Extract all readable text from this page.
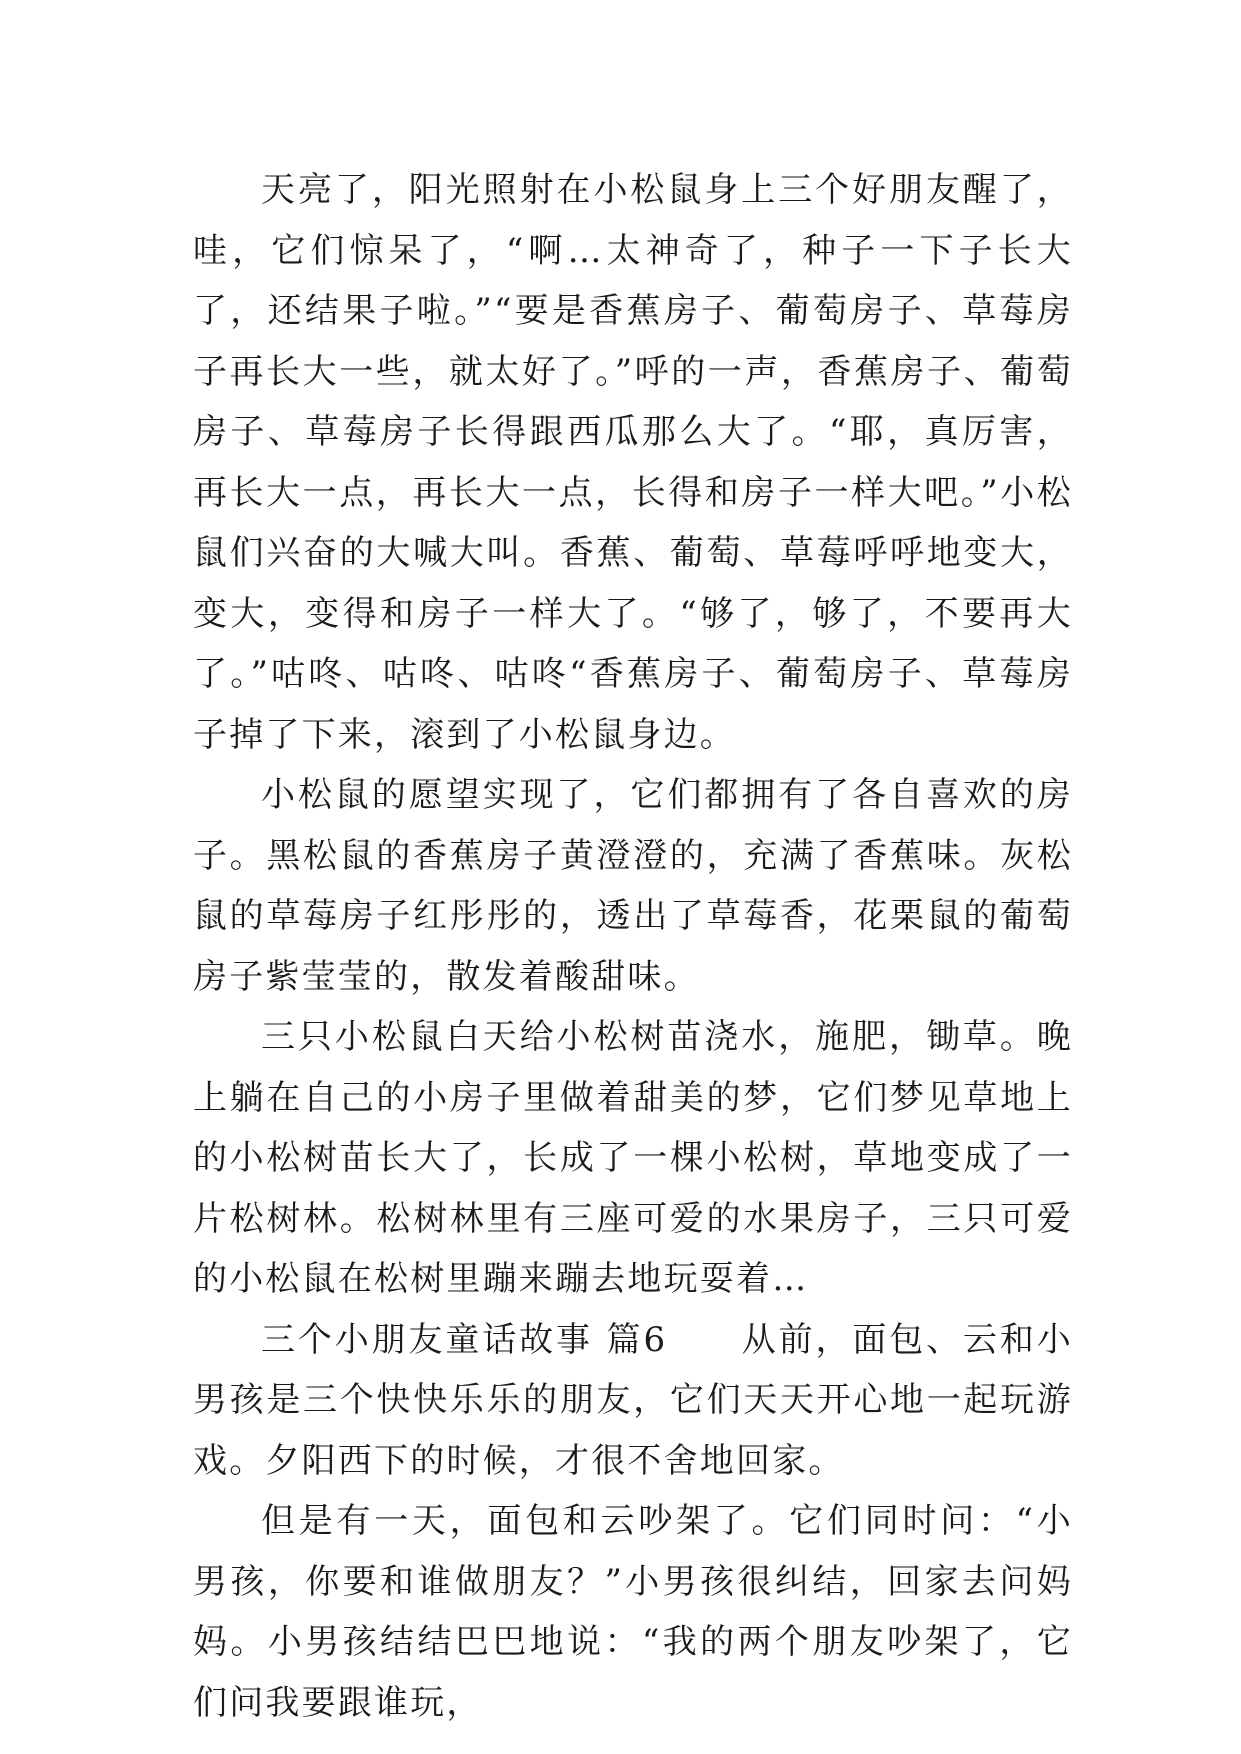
天亮了，阳光照射在小松鼠身上三个好朋友醒了，哇，它们惊呆了，“啊…太神奇了，种子一下子长大了，还结果子啦。”“要是香蕉房子、葡萄房子、草莓房子再长大一些，就太好了。”呼的一声，香蕉房子、葡萄房子、草莓房子长得跟西瓜那么大了。“耶，真厉害，再长大一点，再长大一点，长得和房子一样大吧。”小松鼠们兴奋的大喊大叫。香蕉、葡萄、草莓呼呼地变大，变大，变得和房子一样大了。“够了，够了，不要再大了。”咕咚、咕咚、咕咚“香蕉房子、葡萄房子、草莓房子掉了下来，滚到了小松鼠身边。

小松鼠的愿望实现了，它们都拥有了各自喜欢的房子。黑松鼠的香蕉房子黄澄澄的，充满了香蕉味。灰松鼠的草莓房子红彤彤的，透出了草莓香，花栗鼠的葡萄房子紫莹莹的，散发着酸甜味。

三只小松鼠白天给小松树苗浇水，施肥，锄草。晚上躺在自己的小房子里做着甜美的梦，它们梦见草地上的小松树苗长大了，长成了一棵小松树，草地变成了一片松树林。松树林里有三座可爱的水果房子，三只可爱的小松鼠在松树里蹦来蹦去地玩耍着…

三个小朋友童话故事 篇6　　从前，面包、云和小男孩是三个快快乐乐的朋友，它们天天开心地一起玩游戏。夕阳西下的时候，才很不舍地回家。

但是有一天，面包和云吵架了。它们同时问：“小男孩，你要和谁做朋友？”小男孩很纠结，回家去问妈妈。小男孩结结巴巴地说：“我的两个朋友吵架了，它们问我要跟谁玩，
